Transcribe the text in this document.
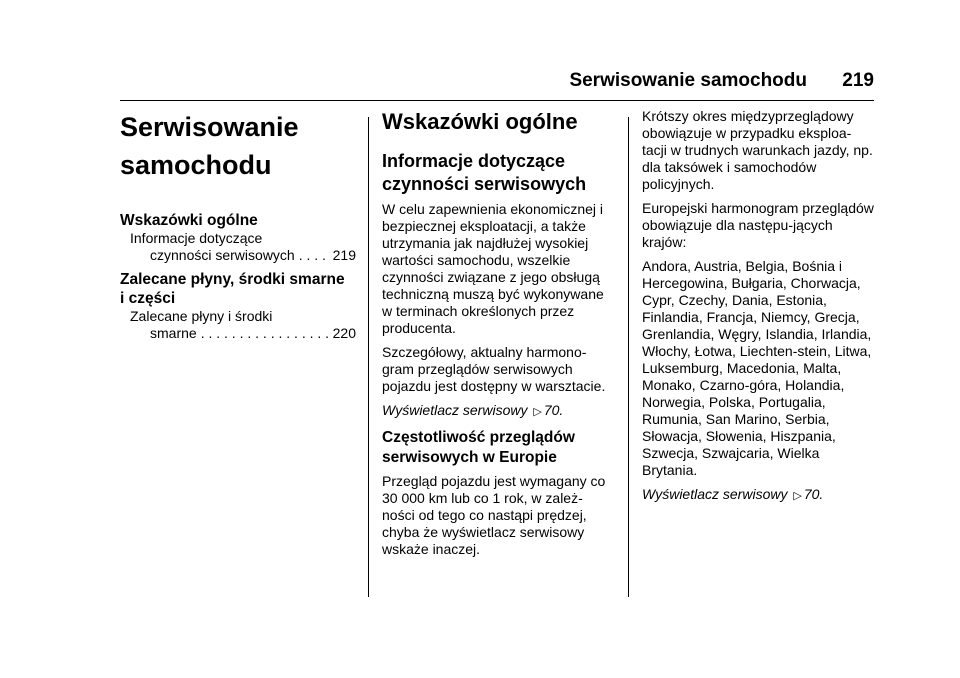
Serwisowanie samochodu 219
Serwisowanie
samochodu
Wskazówki ogólne
Informacje dotyczące
czynności serwisowych . . .	219
Zalecane płyny, środki smarne
i części
Zalecane płyny i środki
smarne . . .	220
Wskazówki ogólne
Informacje dotyczące
czynności serwisowych

W celu zapewnienia ekonomicznej i bezpiecznej eksploatacji, a także utrzymania jak najdłużej wysokiej wartości samochodu, wszelkie czynności związane z jego obsługą techniczną muszą być wykonywane w terminach określonych przez producenta.

Szczegółowy, aktualny harmono-gram przeglądów serwisowych pojazdu jest dostępny w warsztacie.

Wyświetlacz serwisowy ▷ 70.

Częstotliwość przeglądów
serwisowych w Europie

Przegląd pojazdu jest wymagany co 30 000 km lub co 1 rok, w zależ-ności od tego co nastąpi prędzej, chyba że wyświetlacz serwisowy wskaże inaczej.

Krótszy okres międzyprzeglądowy obowiązuje w przypadku eksploa-tacji w trudnych warunkach jazdy, np. dla taksówek i samochodów policyjnych.

Europejski harmonogram przeglądów obowiązuje dla następu-jących krajów:

Andora, Austria, Belgia, Bośnia i Hercegowina, Bułgaria, Chorwacja, Cypr, Czechy, Dania, Estonia, Finlandia, Francja, Niemcy, Grecja, Grenlandia, Węgry, Islandia, Irlandia, Włochy, Łotwa, Liechten-stein, Litwa, Luksemburg, Macedonia, Malta, Monako, Czarno-góra, Holandia, Norwegia, Polska, Portugalia, Rumunia, San Marino, Serbia, Słowacja, Słowenia, Hiszpania, Szwecja, Szwajcaria, Wielka Brytania.

Wyświetlacz serwisowy ▷ 70.
